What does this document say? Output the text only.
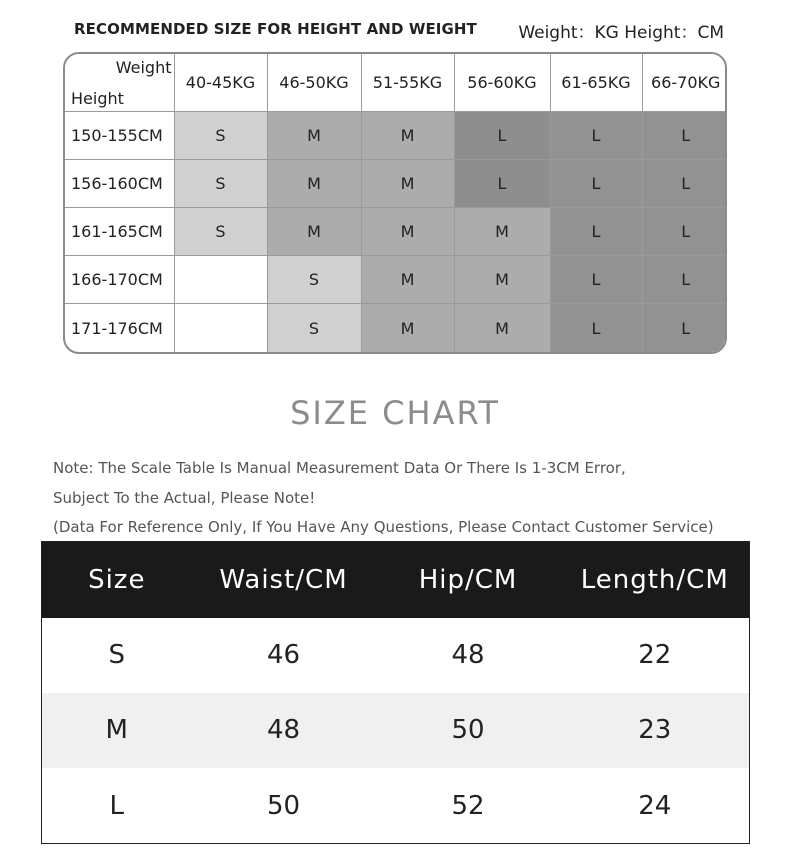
RECOMMENDED SIZE FOR HEIGHT AND WEIGHT Weight：KG Height：CM
Weight
Height	40-45KG	46-50KG	51-55KG	56-60KG	61-65KG	66-70KG
150-155CM	S	M	M	L	L	L
156-160CM	S	M	M	L	L	L
161-165CM	S	M	M	M	L	L
166-170CM		S	M	M	L	L
171-176CM		S	M	M	L	L
SIZE CHART
Note: The Scale Table Is Manual Measurement Data Or There Is 1-3CM Error,
Subject To the Actual, Please Note!
(Data For Reference Only, If You Have Any Questions, Please Contact Customer Service)
Size	Waist/CM	Hip/CM	Length/CM
S	46	48	22
M	48	50	23
L	50	52	24
